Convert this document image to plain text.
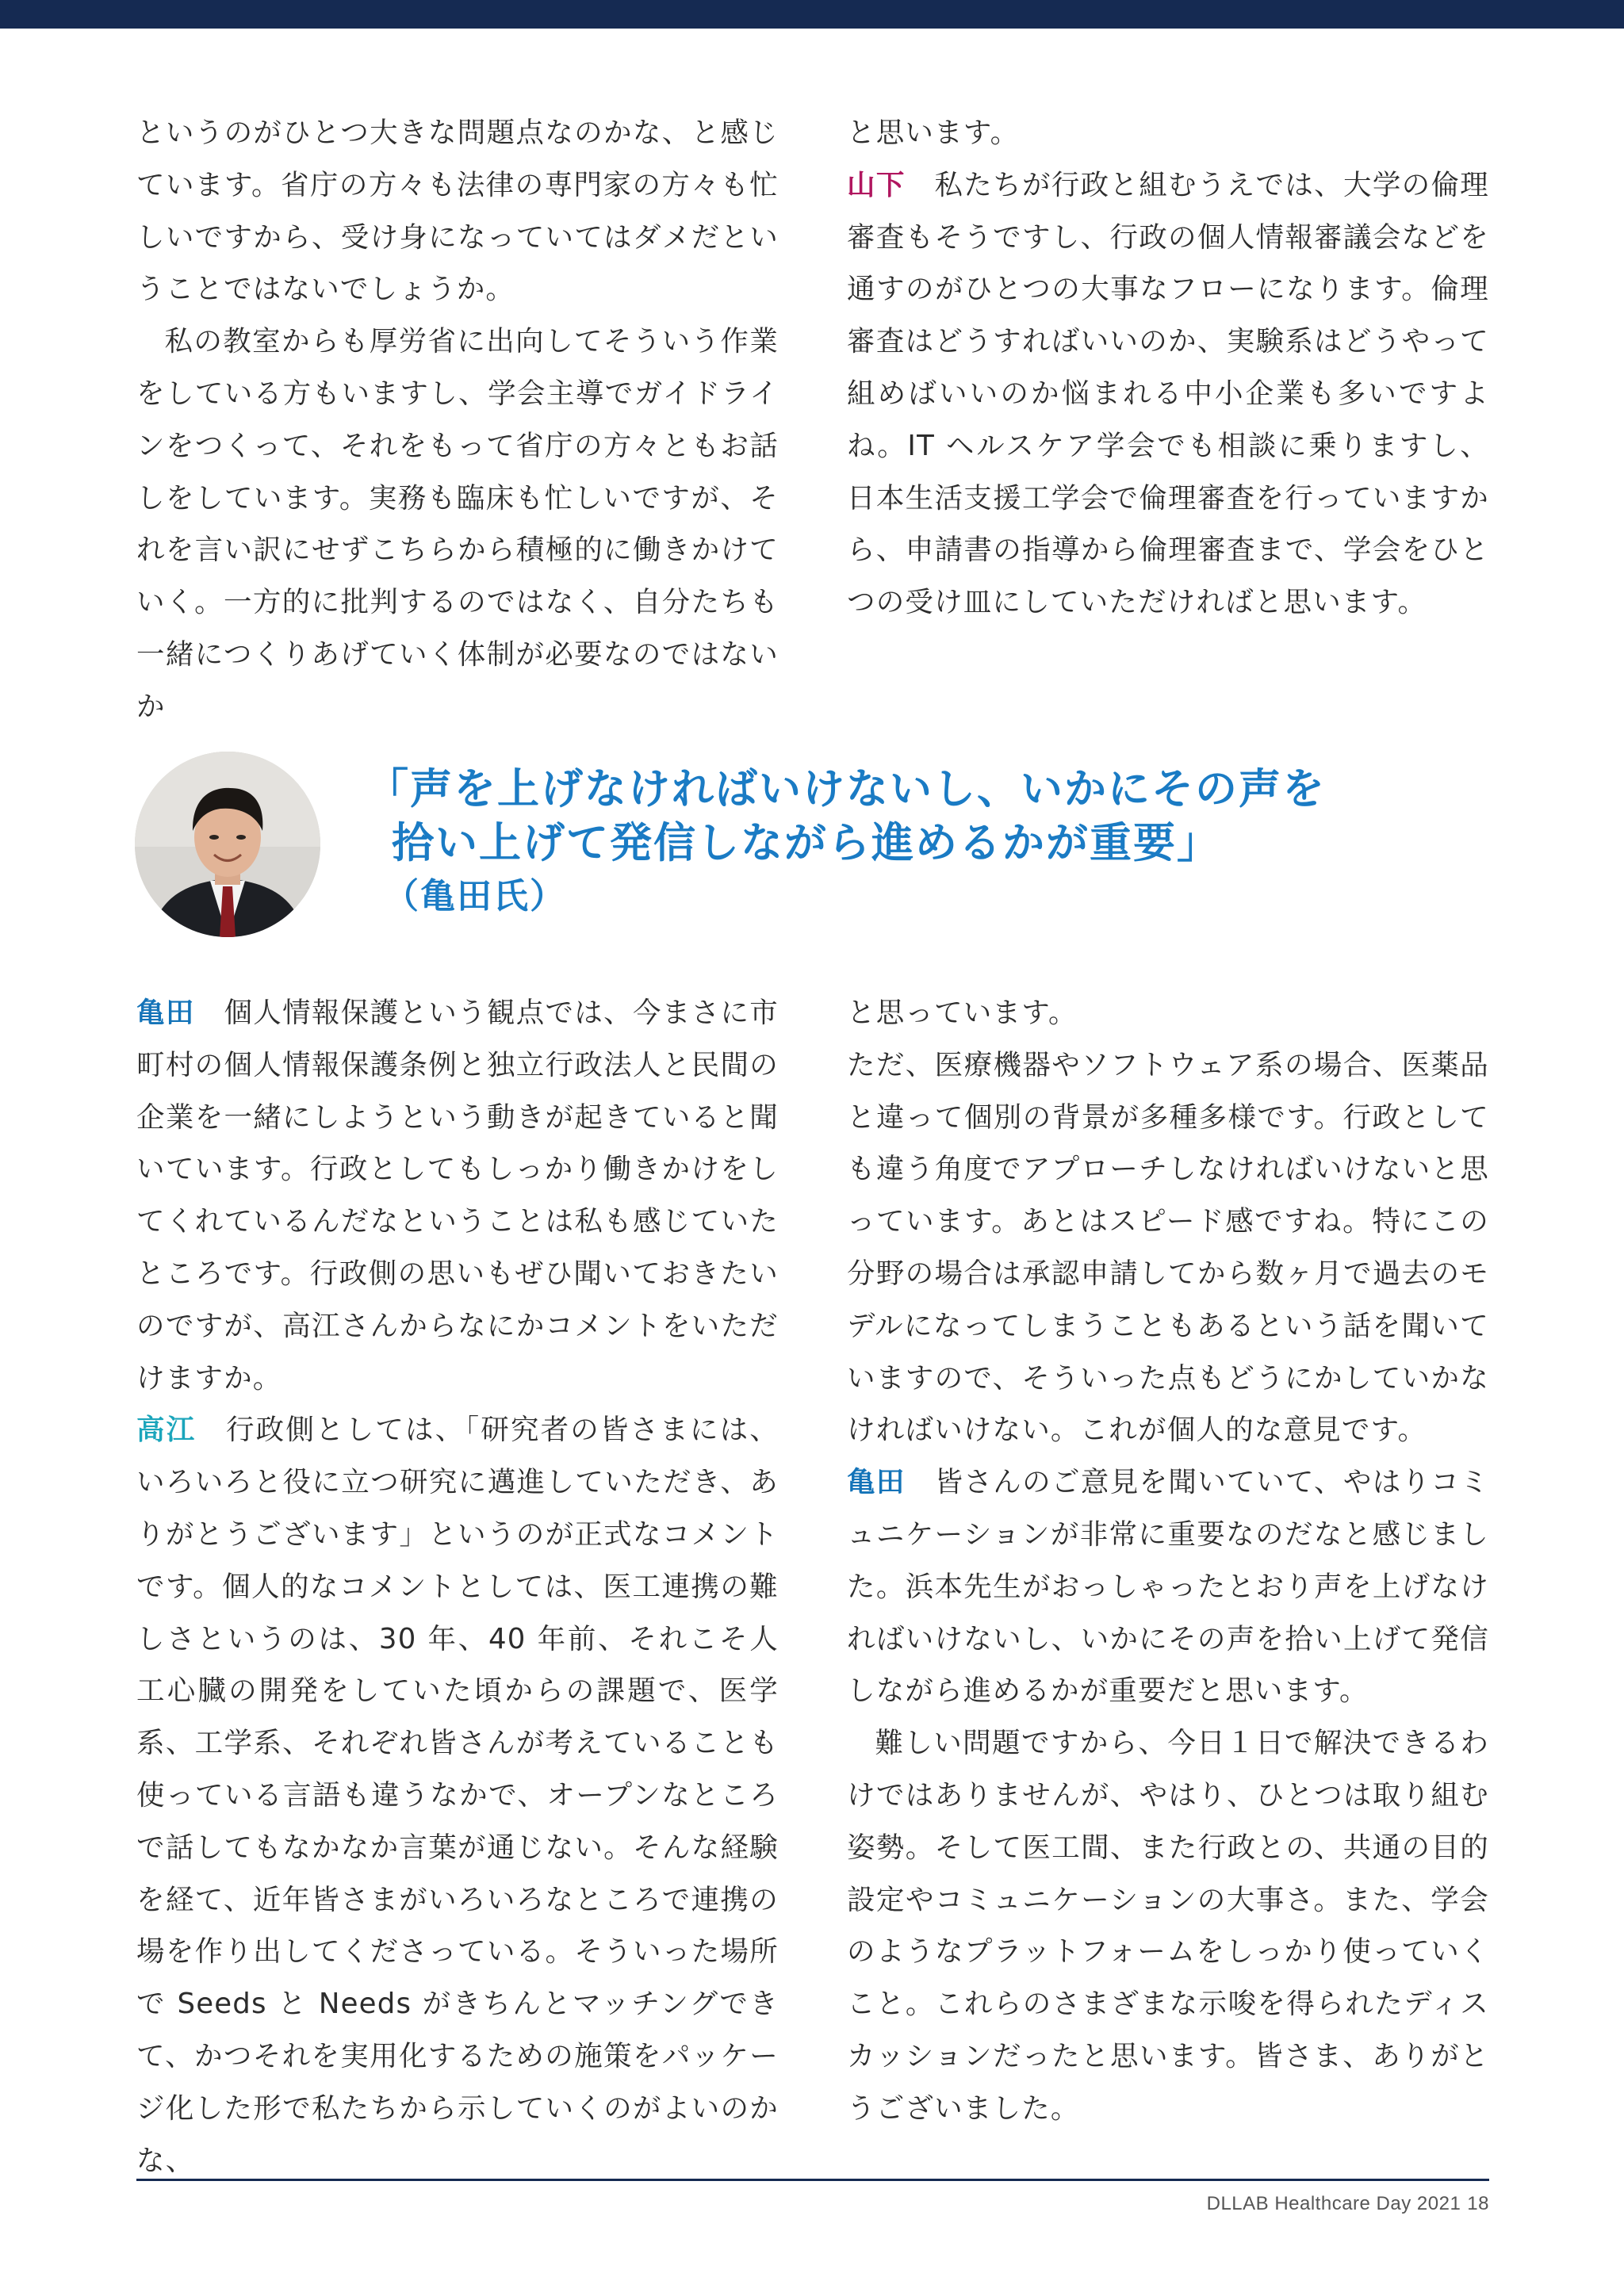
というのがひとつ大きな問題点なのかな、と感じています。省庁の方々も法律の専門家の方々も忙しいですから、受け身になっていてはダメだということではないでしょうか。

私の教室からも厚労省に出向してそういう作業をしている方もいますし、学会主導でガイドラインをつくって、それをもって省庁の方々ともお話しをしています。実務も臨床も忙しいですが、それを言い訳にせずこちらから積極的に働きかけていく。一方的に批判するのではなく、自分たちも一緒につくりあげていく体制が必要なのではないか

と思います。

山下　私たちが行政と組むうえでは、大学の倫理審査もそうですし、行政の個人情報審議会などを通すのがひとつの大事なフローになります。倫理審査はどうすればいいのか、実験系はどうやって組めばいいのか悩まれる中小企業も多いですよね。IT ヘルスケア学会でも相談に乗りますし、日本生活支援工学会で倫理審査を行っていますから、申請書の指導から倫理審査まで、学会をひとつの受け皿にしていただければと思います。

「声を上げなければいけないし、いかにその声を
拾い上げて発信しながら進めるかが重要」
（亀田氏）

亀田　個人情報保護という観点では、今まさに市町村の個人情報保護条例と独立行政法人と民間の企業を一緒にしようという動きが起きていると聞いています。行政としてもしっかり働きかけをしてくれているんだなということは私も感じていたところです。行政側の思いもぜひ聞いておきたいのですが、高江さんからなにかコメントをいただけますか。

高江　行政側としては、「研究者の皆さまには、いろいろと役に立つ研究に邁進していただき、ありがとうございます」というのが正式なコメントです。個人的なコメントとしては、医工連携の難しさというのは、30 年、40 年前、それこそ人工心臓の開発をしていた頃からの課題で、医学系、工学系、それぞれ皆さんが考えていることも使っている言語も違うなかで、オープンなところで話してもなかなか言葉が通じない。そんな経験を経て、近年皆さまがいろいろなところで連携の場を作り出してくださっている。そういった場所で Seeds と Needs がきちんとマッチングできて、かつそれを実用化するための施策をパッケージ化した形で私たちから示していくのがよいのかな、

と思っています。

ただ、医療機器やソフトウェア系の場合、医薬品と違って個別の背景が多種多様です。行政としても違う角度でアプローチしなければいけないと思っています。あとはスピード感ですね。特にこの分野の場合は承認申請してから数ヶ月で過去のモデルになってしまうこともあるという話を聞いていますので、そういった点もどうにかしていかなければいけない。これが個人的な意見です。

亀田　皆さんのご意見を聞いていて、やはりコミュニケーションが非常に重要なのだなと感じました。浜本先生がおっしゃったとおり声を上げなければいけないし、いかにその声を拾い上げて発信しながら進めるかが重要だと思います。

難しい問題ですから、今日１日で解決できるわけではありませんが、やはり、ひとつは取り組む姿勢。そして医工間、また行政との、共通の目的設定やコミュニケーションの大事さ。また、学会のようなプラットフォームをしっかり使っていくこと。これらのさまざまな示唆を得られたディスカッションだったと思います。皆さま、ありがとうございました。

DLLAB Healthcare Day 2021 18
